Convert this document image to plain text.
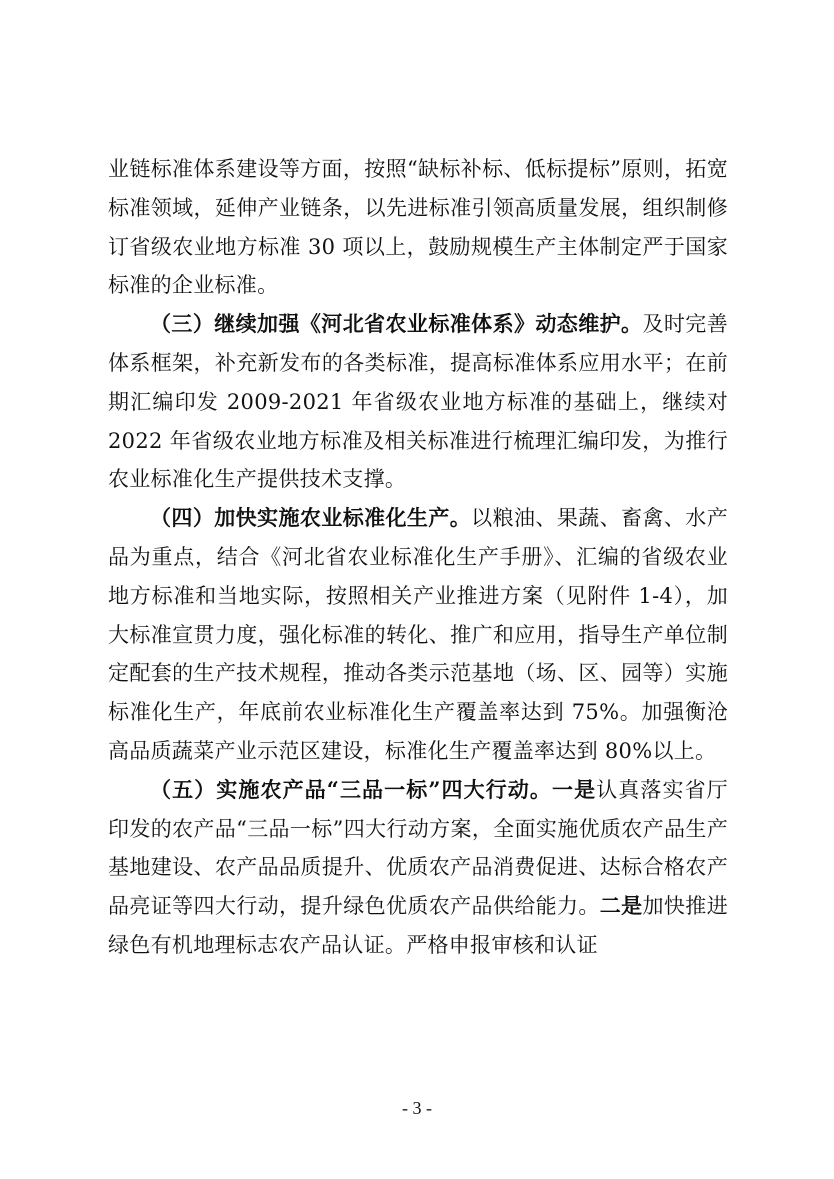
业链标准体系建设等方面，按照“缺标补标、低标提标”原则，拓宽标准领域，延伸产业链条，以先进标准引领高质量发展，组织制修订省级农业地方标准 30 项以上，鼓励规模生产主体制定严于国家标准的企业标准。

（三）继续加强《河北省农业标准体系》动态维护。及时完善体系框架，补充新发布的各类标准，提高标准体系应用水平；在前期汇编印发 2009-2021 年省级农业地方标准的基础上，继续对 2022 年省级农业地方标准及相关标准进行梳理汇编印发，为推行农业标准化生产提供技术支撑。

（四）加快实施农业标准化生产。以粮油、果蔬、畜禽、水产品为重点，结合《河北省农业标准化生产手册》、汇编的省级农业地方标准和当地实际，按照相关产业推进方案（见附件 1-4），加大标准宣贯力度，强化标准的转化、推广和应用，指导生产单位制定配套的生产技术规程，推动各类示范基地（场、区、园等）实施标准化生产，年底前农业标准化生产覆盖率达到 75%。加强衡沧高品质蔬菜产业示范区建设，标准化生产覆盖率达到 80%以上。

（五）实施农产品“三品一标”四大行动。一是认真落实省厅印发的农产品“三品一标”四大行动方案，全面实施优质农产品生产基地建设、农产品品质提升、优质农产品消费促进、达标合格农产品亮证等四大行动，提升绿色优质农产品供给能力。二是加快推进绿色有机地理标志农产品认证。严格申报审核和认证

- 3 -
